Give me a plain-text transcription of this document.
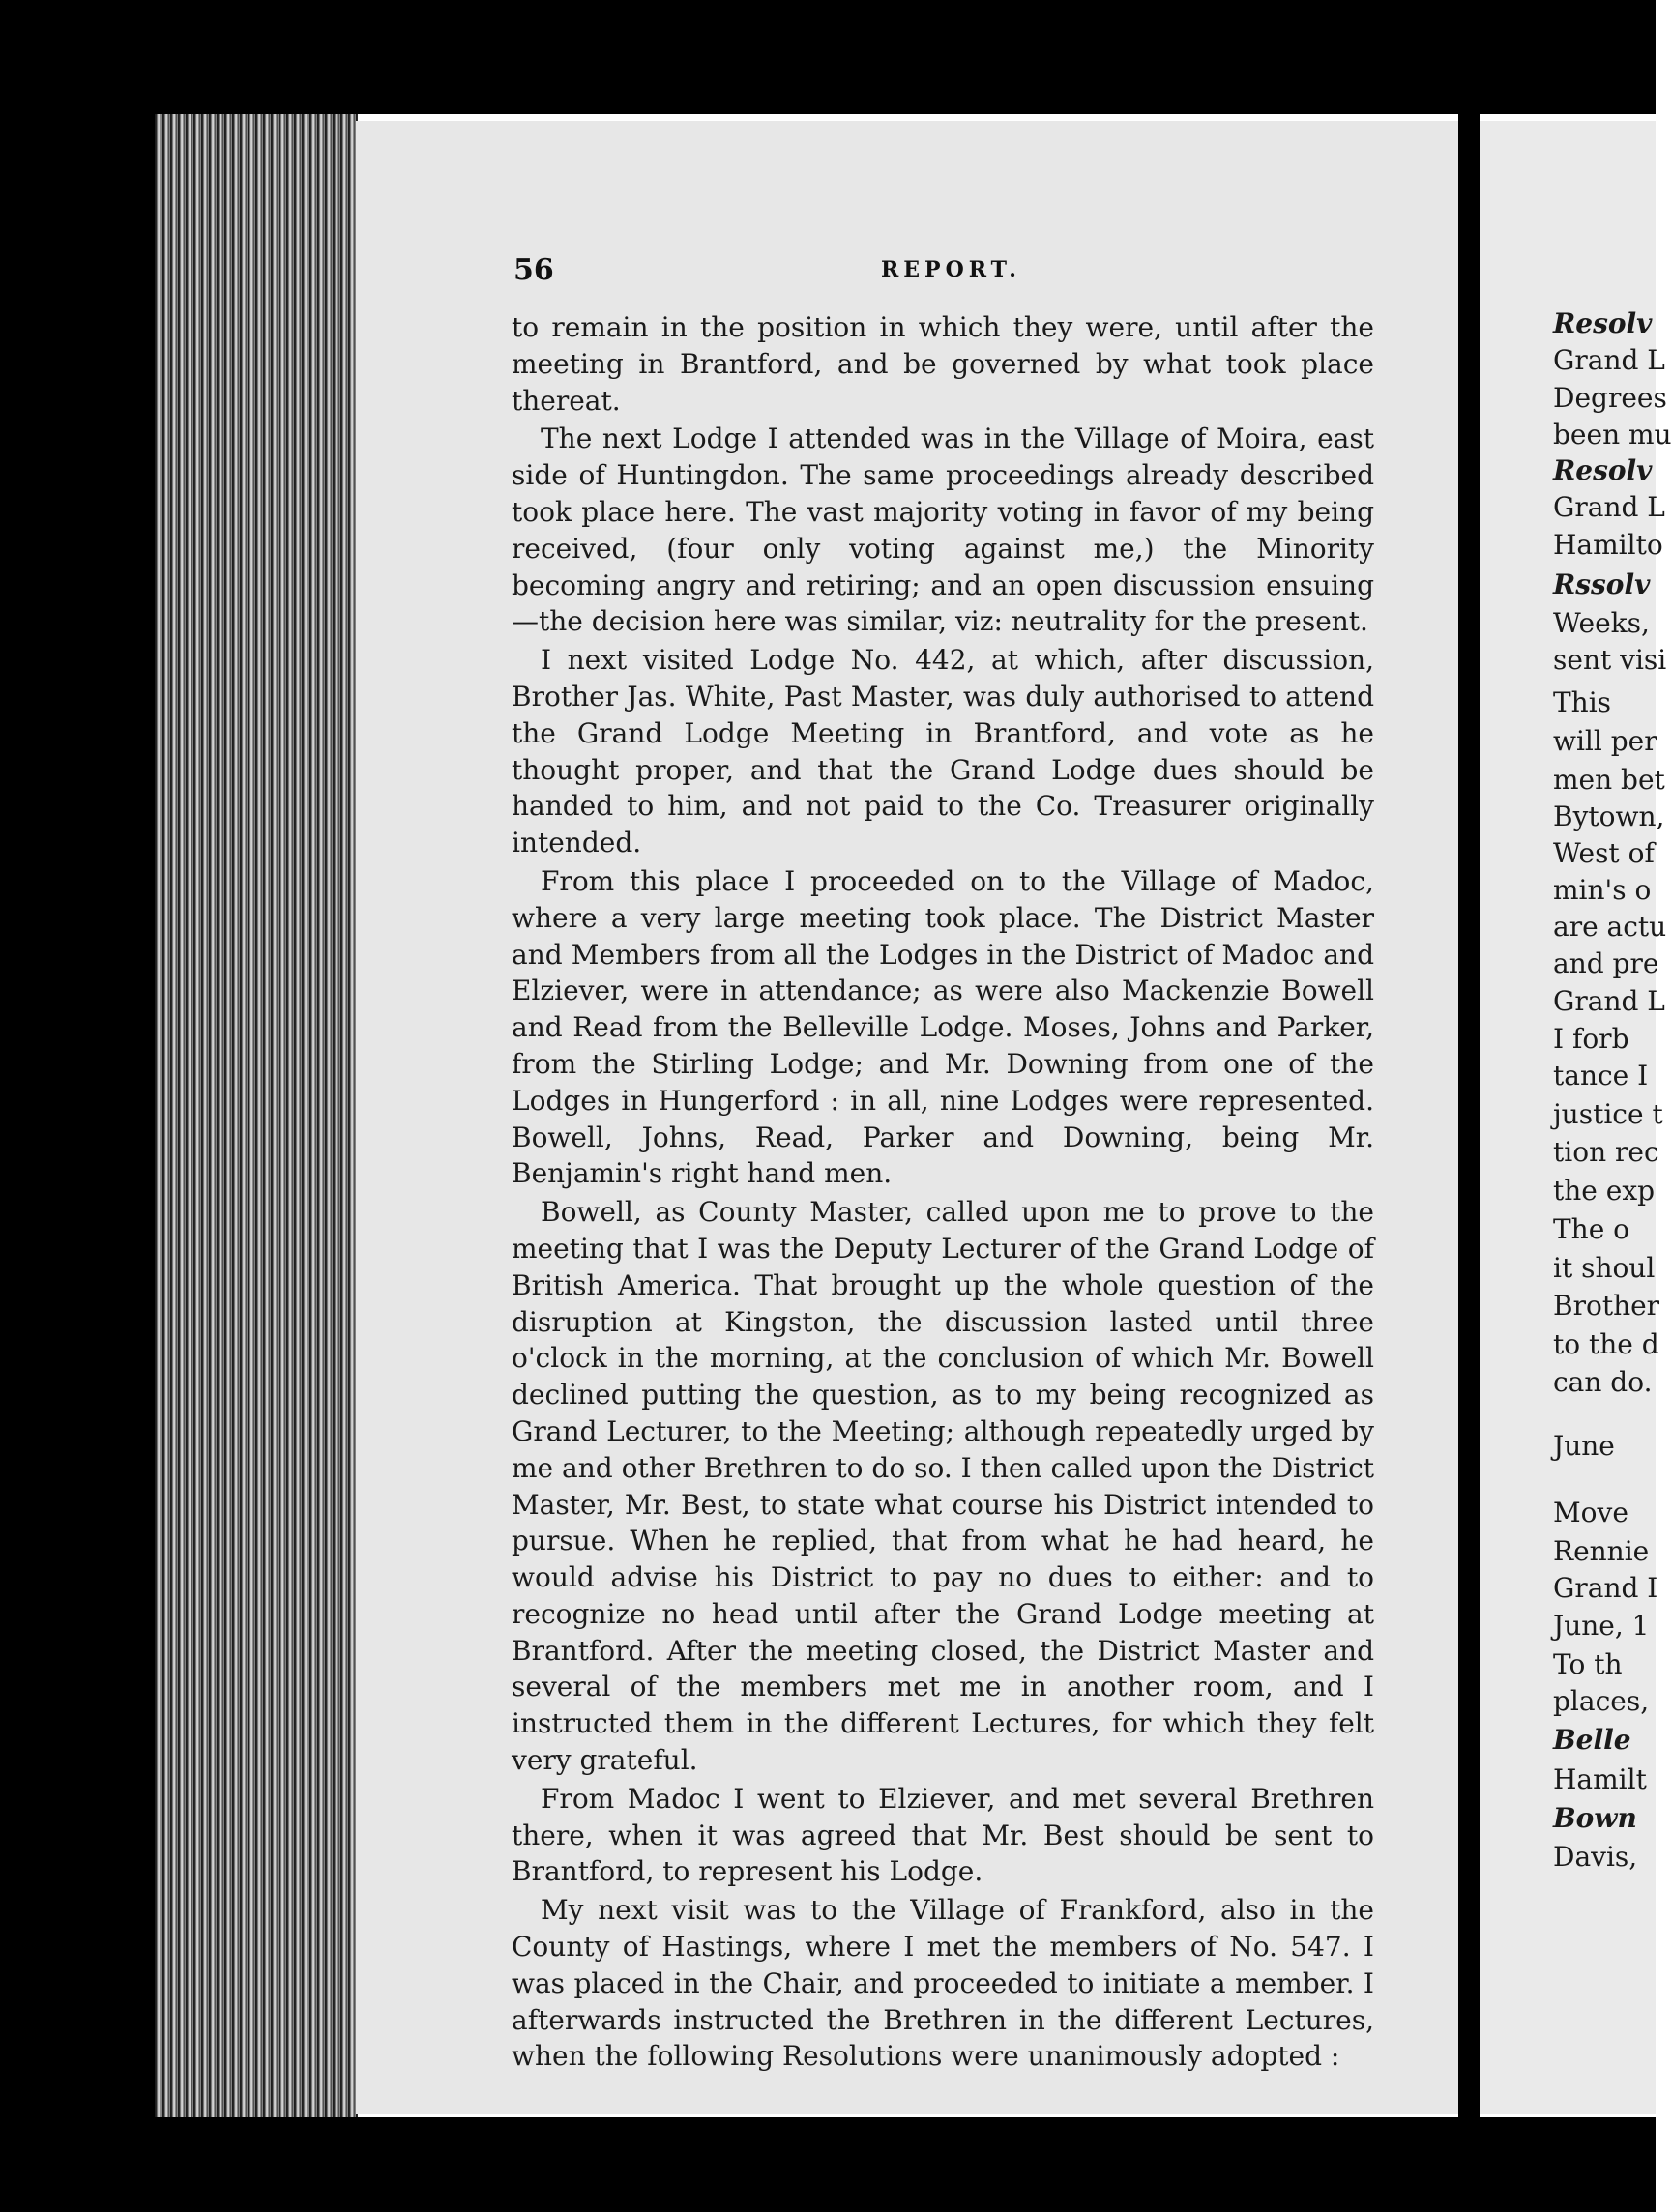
56	REPORT.

to remain in the position in which they were, until after the meeting in Brantford, and be governed by what took place thereat.

The next Lodge I attended was in the Village of Moira, east side of Huntingdon. The same proceedings already described took place here. The vast majority voting in favor of my being received, (four only voting against me,) the Minority becoming angry and retiring; and an open discussion ensuing—the decision here was similar, viz: neutrality for the present.

I next visited Lodge No. 442, at which, after discussion, Brother Jas. White, Past Master, was duly authorised to attend the Grand Lodge Meeting in Brantford, and vote as he thought proper, and that the Grand Lodge dues should be handed to him, and not paid to the Co. Treasurer originally intended.

From this place I proceeded on to the Village of Madoc, where a very large meeting took place. The District Master and Members from all the Lodges in the District of Madoc and Elziever, were in attendance; as were also Mackenzie Bowell and Read from the Belleville Lodge. Moses, Johns and Parker, from the Stirling Lodge; and Mr. Downing from one of the Lodges in Hungerford : in all, nine Lodges were represented. Bowell, Johns, Read, Parker and Downing, being Mr. Benjamin's right hand men.

Bowell, as County Master, called upon me to prove to the meeting that I was the Deputy Lecturer of the Grand Lodge of British America. That brought up the whole question of the disruption at Kingston, the discussion lasted until three o'clock in the morning, at the conclusion of which Mr. Bowell declined putting the question, as to my being recognized as Grand Lecturer, to the Meeting; although repeatedly urged by me and other Brethren to do so. I then called upon the District Master, Mr. Best, to state what course his District intended to pursue. When he replied, that from what he had heard, he would advise his District to pay no dues to either: and to recognize no head until after the Grand Lodge meeting at Brantford. After the meeting closed, the District Master and several of the members met me in another room, and I instructed them in the different Lectures, for which they felt very grateful.

From Madoc I went to Elziever, and met several Brethren there, when it was agreed that Mr. Best should be sent to Brantford, to represent his Lodge.

My next visit was to the Village of Frankford, also in the County of Hastings, where I met the members of No. 547. I was placed in the Chair, and proceeded to initiate a member. I afterwards instructed the Brethren in the different Lectures, when the following Resolutions were unanimously adopted :

Resolv
Grand L
Degrees
been mu
Resolv
Grand L
Hamilto
Rssolv
Weeks,
sent visi
This
will per
men bet
Bytown,
West of
min's o
are actu
and pre
Grand L
I forb
tance I
justice t
tion rec
the exp
The o
it shoul
Brother
to the d
can do.
June
Move
Rennie
Grand I
June, 1
To th
places,
Belle
Hamilt
Bown
Davis,
